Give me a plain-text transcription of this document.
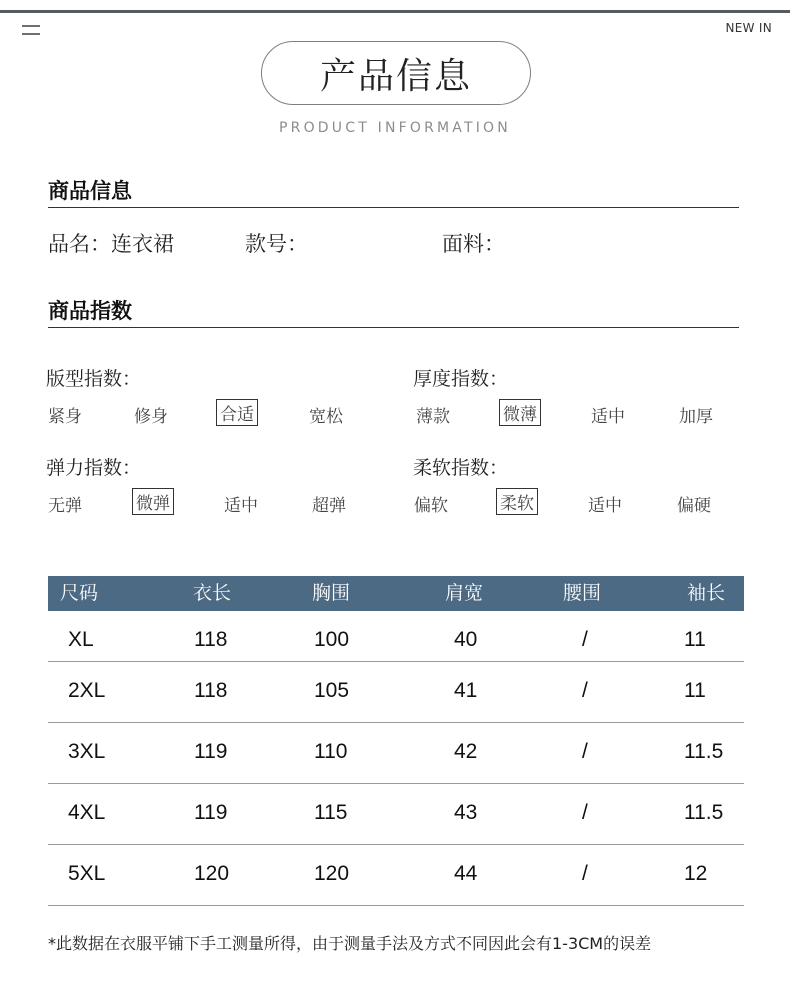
NEW IN
产品信息
PRODUCT INFORMATION
商品信息
品名：连衣裙	款号：	面料：
商品指数
版型指数：
紧身	修身	合适	宽松
厚度指数：
薄款	微薄	适中	加厚
弹力指数：
无弹	微弹	适中	超弹
柔软指数：
偏软	柔软	适中	偏硬
尺码	衣长	胸围	肩宽	腰围	袖长
XL	118	100	40	/	11
2XL	118	105	41	/	11
3XL	119	110	42	/	11.5
4XL	119	115	43	/	11.5
5XL	120	120	44	/	12
*此数据在衣服平铺下手工测量所得，由于测量手法及方式不同因此会有1-3CM的误差
